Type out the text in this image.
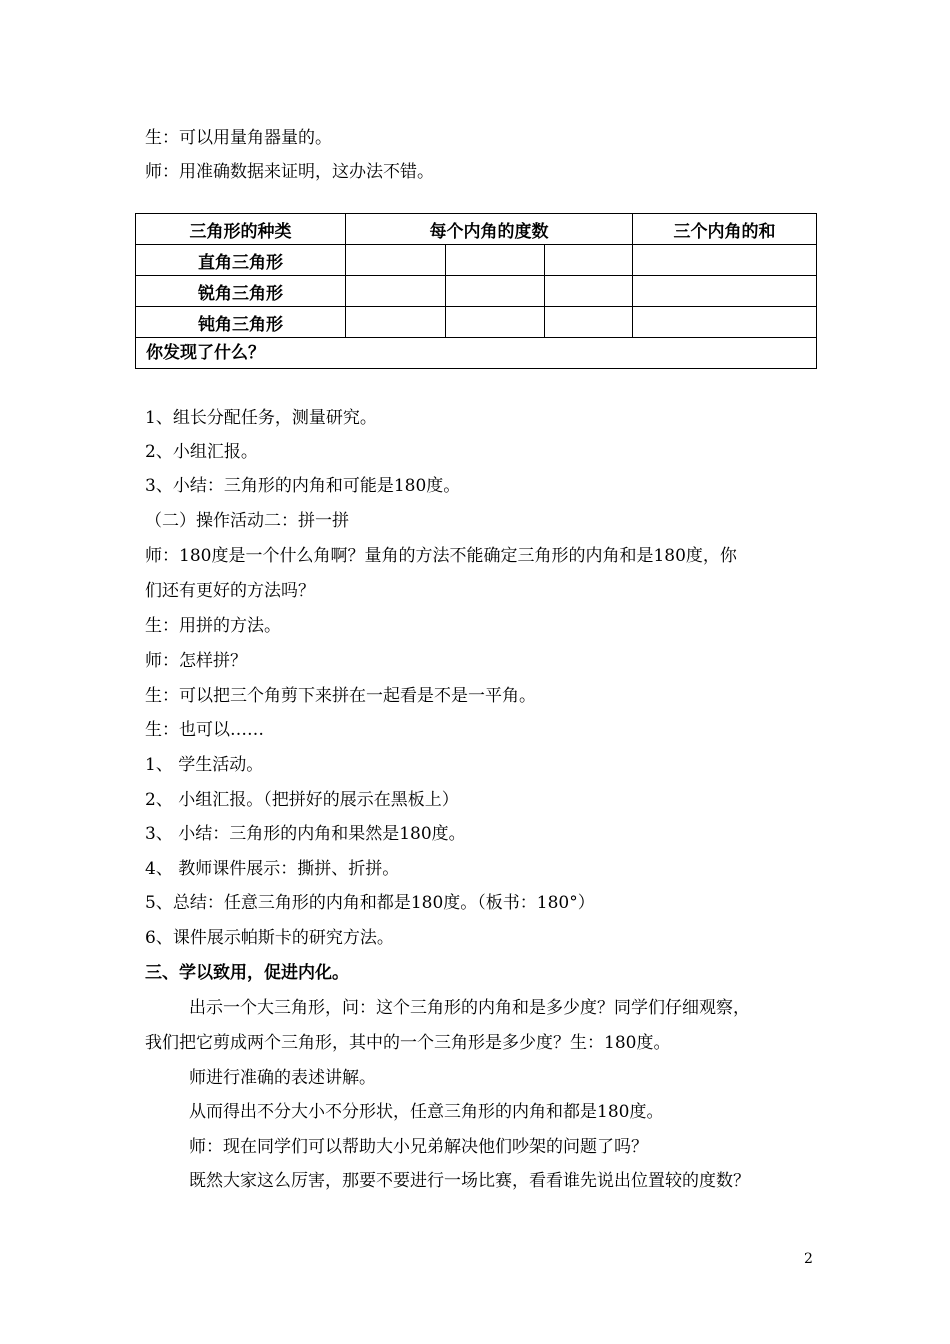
生：可以用量角器量的。
师：用准确数据来证明，这办法不错。
三角形的种类	每个内角的度数			三个内角的和
直角三角形				
锐角三角形				
钝角三角形				
你发现了什么？				
1、组长分配任务，测量研究。
2、小组汇报。
3、小结：三角形的内角和可能是180度。
（二）操作活动二：拼一拼
师：180度是一个什么角啊？量角的方法不能确定三角形的内角和是180度，你
们还有更好的方法吗？
生：用拼的方法。
师：怎样拼？
生：可以把三个角剪下来拼在一起看是不是一平角。
生：也可以……
1、 学生活动。
2、 小组汇报。（把拼好的展示在黑板上）
3、 小结：三角形的内角和果然是180度。
4、 教师课件展示：撕拼、折拼。
5、总结：任意三角形的内角和都是180度。（板书：180°）
6、课件展示帕斯卡的研究方法。
三、学以致用，促进内化。
出示一个大三角形，问：这个三角形的内角和是多少度？同学们仔细观察，
我们把它剪成两个三角形，其中的一个三角形是多少度？生：180度。
师进行准确的表述讲解。
从而得出不分大小不分形状，任意三角形的内角和都是180度。
师：现在同学们可以帮助大小兄弟解决他们吵架的问题了吗？
既然大家这么厉害，那要不要进行一场比赛，看看谁先说出位置较的度数？
2
